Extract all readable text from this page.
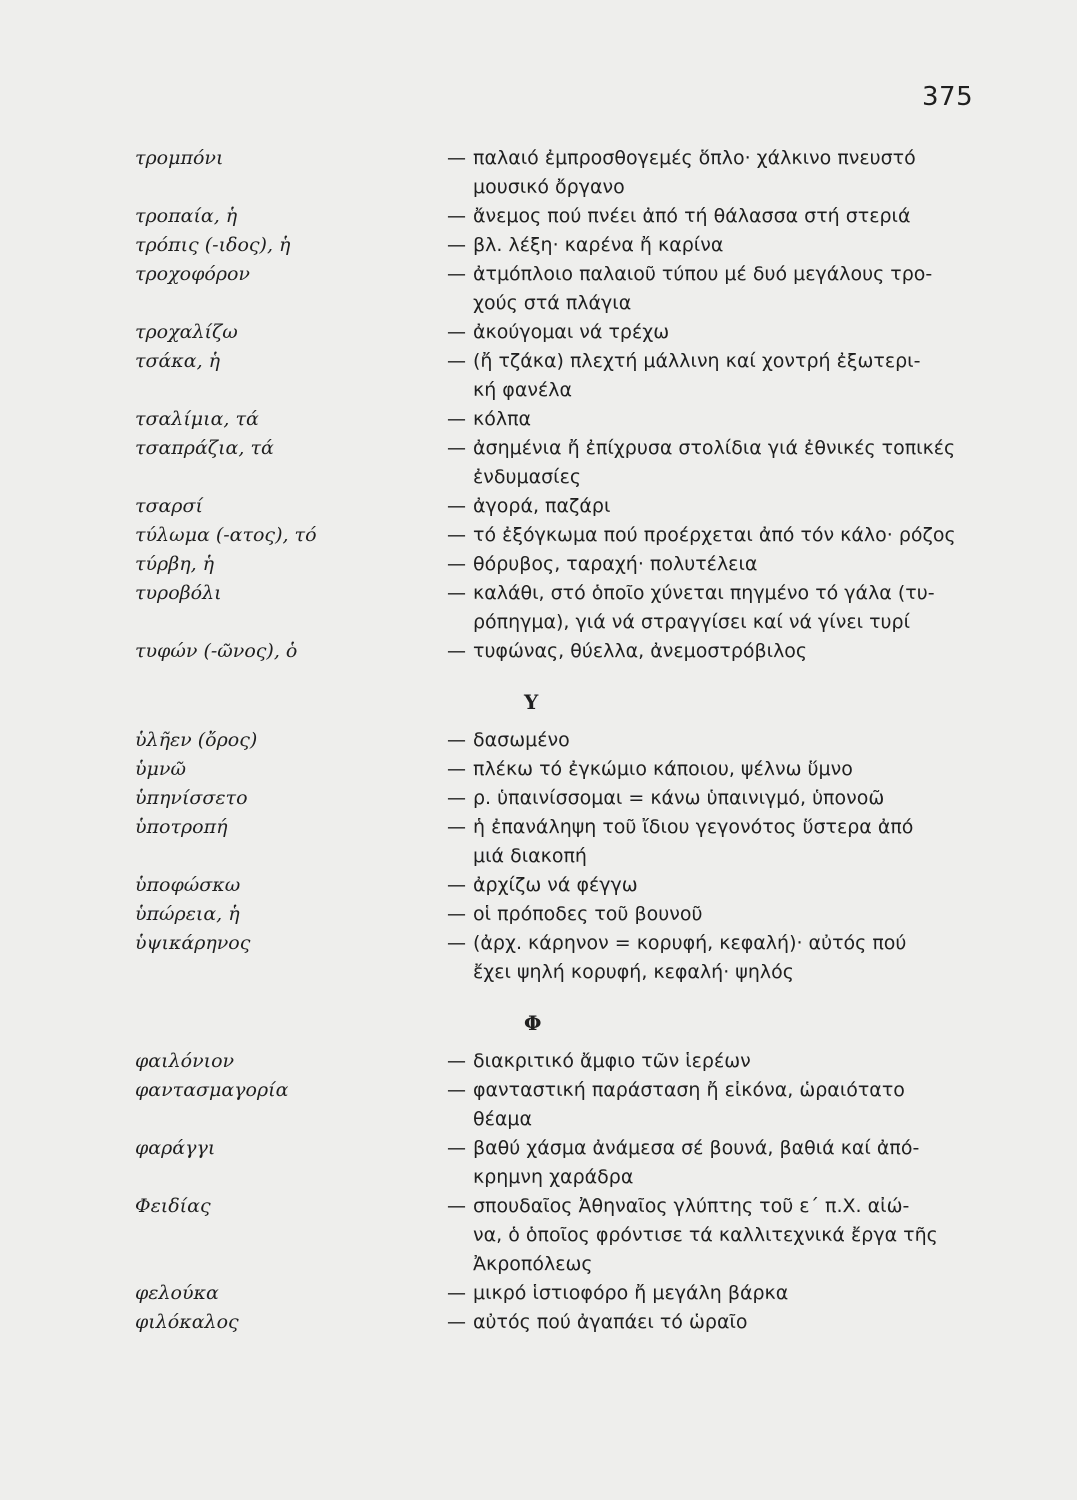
375
τρομπόνι	— παλαιό ἐμπροσθογεμές ὅπλο· χάλκινο πνευστό
μουσικό ὄργανο
τροπαία, ἡ	— ἄνεμος πού πνέει ἀπό τή θάλασσα στή στεριά
τρόπις (-ιδος), ἡ	— βλ. λέξη· καρένα ἤ καρίνα
τροχοφόρον	— ἀτμόπλοιο παλαιοῦ τύπου μέ δυό μεγάλους τρο-
χούς στά πλάγια
τροχαλίζω	— ἀκούγομαι νά τρέχω
τσάκα, ἡ	— (ἤ τζάκα) πλεχτή μάλλινη καί χοντρή ἐξωτερι-
κή φανέλα
τσαλίμια, τά	— κόλπα
τσαπράζια, τά	— ἀσημένια ἤ ἐπίχρυσα στολίδια γιά ἐθνικές τοπικές
ἐνδυμασίες
τσαρσί	— ἀγορά, παζάρι
τύλωμα (-ατος), τό	— τό ἐξόγκωμα πού προέρχεται ἀπό τόν κάλο· ρόζος
τύρβη, ἡ	— θόρυβος, ταραχή· πολυτέλεια
τυροβόλι	— καλάθι, στό ὁποῖο χύνεται πηγμένο τό γάλα (τυ-
ρόπηγμα), γιά νά στραγγίσει καί νά γίνει τυρί
τυφών (-ῶνος), ὁ	— τυφώνας, θύελλα, ἀνεμοστρόβιλος
Υ
ὑλῆεν (ὄρος)	— δασωμένο
ὑμνῶ	— πλέκω τό ἐγκώμιο κάποιου, ψέλνω ὕμνο
ὑπηνίσσετο	— ρ. ὑπαινίσσομαι = κάνω ὑπαινιγμό, ὑπονοῶ
ὑποτροπή	— ἡ ἐπανάληψη τοῦ ἴδιου γεγονότος ὕστερα ἀπό
μιά διακοπή
ὑποφώσκω	— ἀρχίζω νά φέγγω
ὑπώρεια, ἡ	— οἱ πρόποδες τοῦ βουνοῦ
ὑψικάρηνος	— (ἀρχ. κάρηνον = κορυφή, κεφαλή)· αὐτός πού
ἔχει ψηλή κορυφή, κεφαλή· ψηλός
Φ
φαιλόνιον	— διακριτικό ἄμφιο τῶν ἱερέων
φαντασμαγορία	— φανταστική παράσταση ἤ εἰκόνα, ὡραιότατο
θέαμα
φαράγγι	— βαθύ χάσμα ἀνάμεσα σέ βουνά, βαθιά καί ἀπό-
κρημνη χαράδρα
Φειδίας	— σπουδαῖος Ἀθηναῖος γλύπτης τοῦ ε΄ π.Χ. αἰώ-
να, ὁ ὁποῖος φρόντισε τά καλλιτεχνικά ἔργα τῆς
Ἀκροπόλεως
φελούκα	— μικρό ἱστιοφόρο ἤ μεγάλη βάρκα
φιλόκαλος	— αὐτός πού ἀγαπάει τό ὡραῖο
